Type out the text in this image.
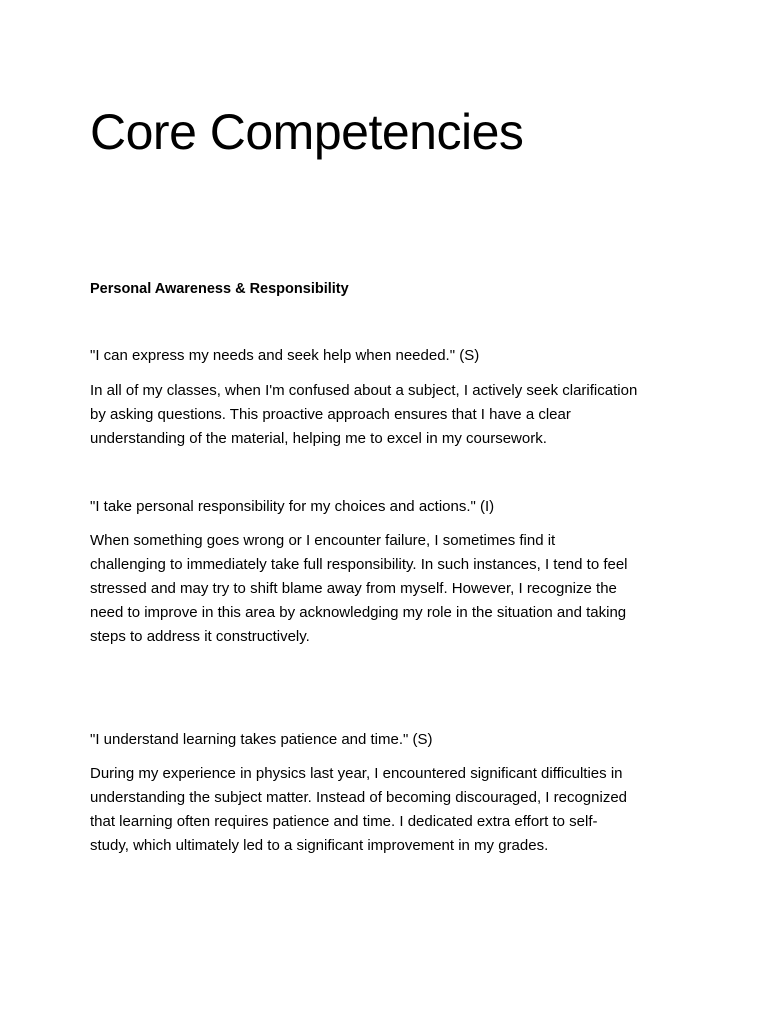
Core Competencies
Personal Awareness & Responsibility

"I can express my needs and seek help when needed." (S)

In all of my classes, when I'm confused about a subject, I actively seek clarification
by asking questions. This proactive approach ensures that I have a clear
understanding of the material, helping me to excel in my coursework.

"I take personal responsibility for my choices and actions." (I)

When something goes wrong or I encounter failure, I sometimes find it
challenging to immediately take full responsibility. In such instances, I tend to feel
stressed and may try to shift blame away from myself. However, I recognize the
need to improve in this area by acknowledging my role in the situation and taking
steps to address it constructively.

"I understand learning takes patience and time." (S)

During my experience in physics last year, I encountered significant difficulties in
understanding the subject matter. Instead of becoming discouraged, I recognized
that learning often requires patience and time. I dedicated extra effort to self-
study, which ultimately led to a significant improvement in my grades.
